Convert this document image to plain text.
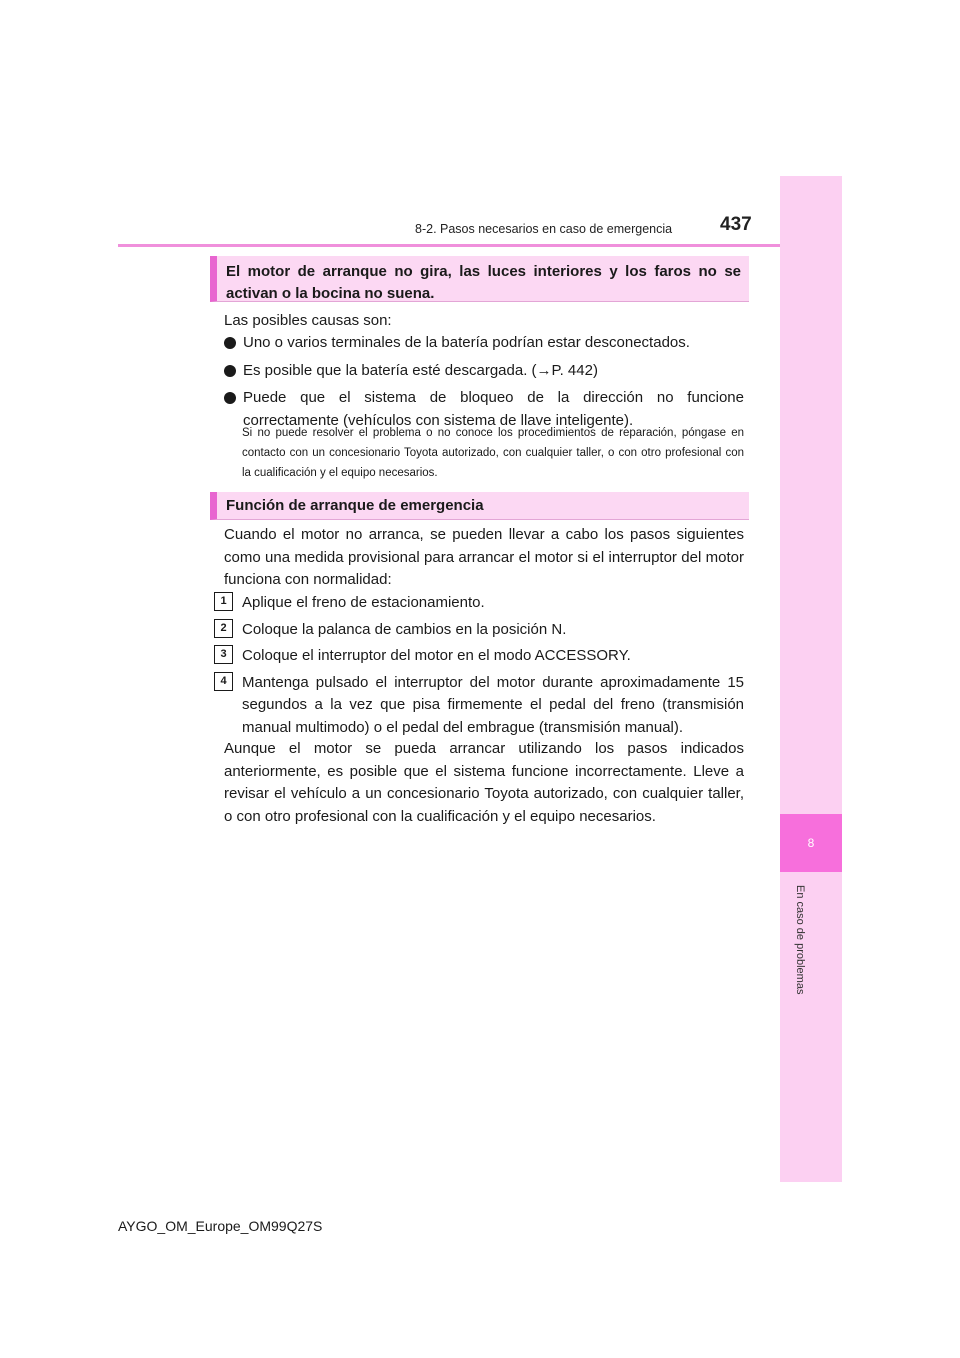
8
En caso de problemas
8-2. Pasos necesarios en caso de emergencia	437
El motor de arranque no gira, las luces interiores y los faros no se activan o la bocina no suena.

Las posibles causas son:

Uno o varios terminales de la batería podrían estar desconectados.
Es posible que la batería esté descargada. (→P. 442)
Puede que el sistema de bloqueo de la dirección no funcione correctamente (vehículos con sistema de llave inteligente).

Si no puede resolver el problema o no conoce los procedimientos de reparación, póngase en contacto con un concesionario Toyota autorizado, con cualquier taller, o con otro profesional con la cualificación y el equipo necesarios.

Función de arranque de emergencia

Cuando el motor no arranca, se pueden llevar a cabo los pasos siguientes como una medida provisional para arrancar el motor si el interruptor del motor funciona con normalidad:

1	Aplique el freno de estacionamiento.
2	Coloque la palanca de cambios en la posición N.
3	Coloque el interruptor del motor en el modo ACCESSORY.
4	Mantenga pulsado el interruptor del motor durante aproximadamente 15 segundos a la vez que pisa firmemente el pedal del freno (transmisión manual multimodo) o el pedal del embrague (transmisión manual).

Aunque el motor se pueda arrancar utilizando los pasos indicados anteriormente, es posible que el sistema funcione incorrectamente. Lleve a revisar el vehículo a un concesionario Toyota autorizado, con cualquier taller, o con otro profesional con la cualificación y el equipo necesarios.

AYGO_OM_Europe_OM99Q27S
